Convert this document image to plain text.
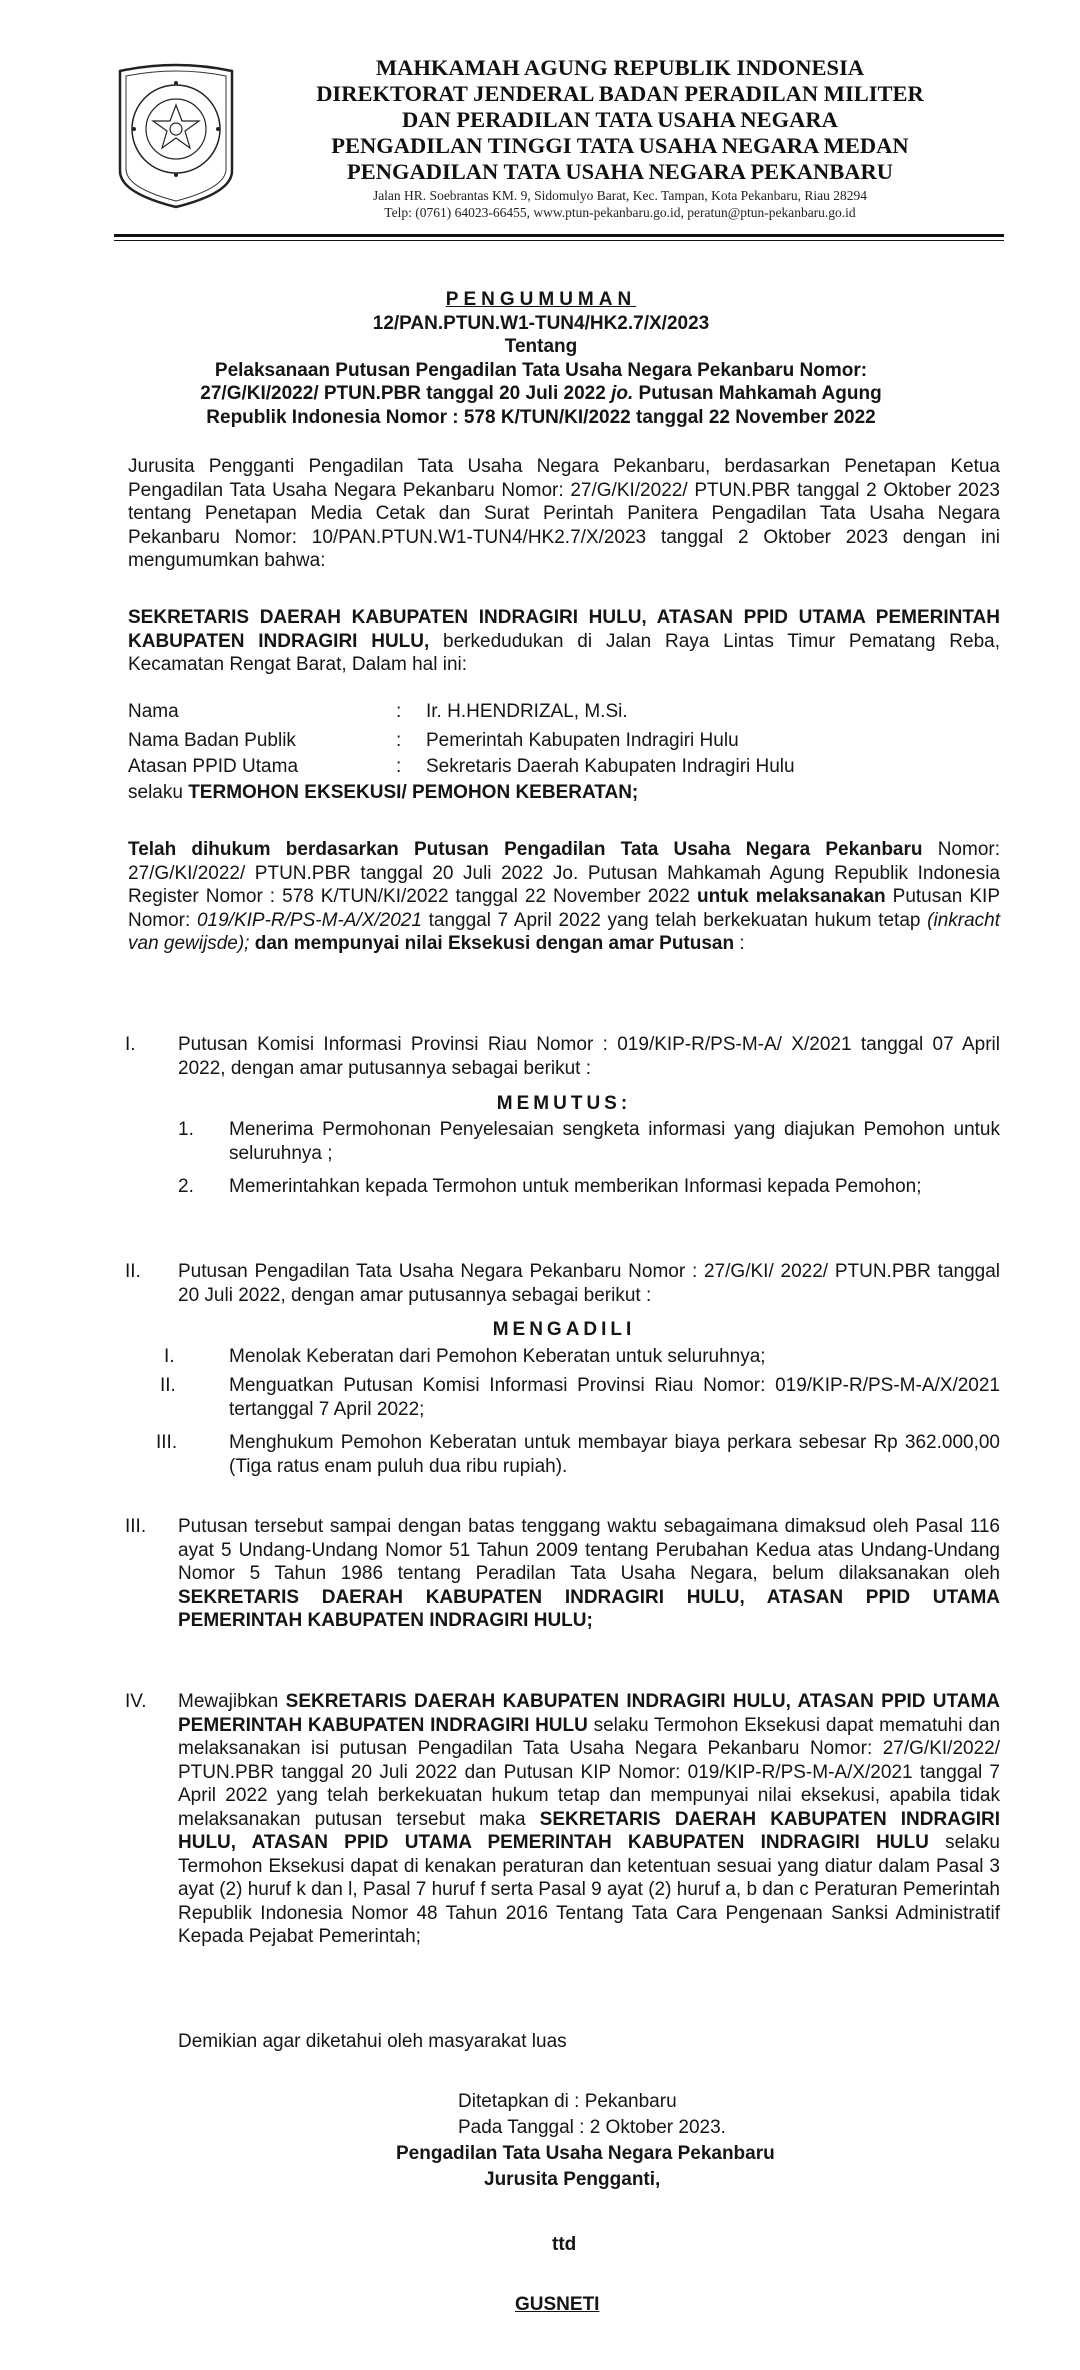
MAHKAMAH AGUNG REPUBLIK INDONESIA
DIREKTORAT JENDERAL BADAN PERADILAN MILITER
DAN PERADILAN TATA USAHA NEGARA
PENGADILAN TINGGI TATA USAHA NEGARA MEDAN
PENGADILAN TATA USAHA NEGARA PEKANBARU
Jalan HR. Soebrantas KM. 9, Sidomulyo Barat, Kec. Tampan, Kota Pekanbaru, Riau 28294
Telp: (0761) 64023-66455, www.ptun-pekanbaru.go.id, peratun@ptun-pekanbaru.go.id
PENGUMUMAN
12/PAN.PTUN.W1-TUN4/HK2.7/X/2023
Tentang
Pelaksanaan Putusan Pengadilan Tata Usaha Negara Pekanbaru Nomor:
27/G/KI/2022/ PTUN.PBR tanggal 20 Juli 2022 jo. Putusan Mahkamah Agung
Republik Indonesia Nomor : 578 K/TUN/KI/2022 tanggal 22 November 2022
Jurusita Pengganti Pengadilan Tata Usaha Negara Pekanbaru, berdasarkan Penetapan Ketua Pengadilan Tata Usaha Negara Pekanbaru Nomor: 27/G/KI/2022/ PTUN.PBR tanggal 2 Oktober 2023 tentang Penetapan Media Cetak dan Surat Perintah Panitera Pengadilan Tata Usaha Negara Pekanbaru Nomor: 10/PAN.PTUN.W1-TUN4/HK2.7/X/2023 tanggal 2 Oktober 2023 dengan ini mengumumkan bahwa:
SEKRETARIS DAERAH KABUPATEN INDRAGIRI HULU, ATASAN PPID UTAMA PEMERINTAH KABUPATEN INDRAGIRI HULU, berkedudukan di Jalan Raya Lintas Timur Pematang Reba, Kecamatan Rengat Barat, Dalam hal ini:
Nama	: Ir. H.HENDRIZAL, M.Si.
Nama Badan Publik	: Pemerintah Kabupaten Indragiri Hulu
Atasan PPID Utama	: Sekretaris Daerah Kabupaten Indragiri Hulu
selaku TERMOHON EKSEKUSI/ PEMOHON KEBERATAN;
Telah dihukum berdasarkan Putusan Pengadilan Tata Usaha Negara Pekanbaru Nomor: 27/G/KI/2022/ PTUN.PBR tanggal 20 Juli 2022 Jo. Putusan Mahkamah Agung Republik Indonesia Register Nomor : 578 K/TUN/KI/2022 tanggal 22 November 2022 untuk melaksanakan Putusan KIP Nomor: 019/KIP-R/PS-M-A/X/2021 tanggal 7 April 2022 yang telah berkekuatan hukum tetap (inkracht van gewijsde); dan mempunyai nilai Eksekusi dengan amar Putusan :
I. Putusan Komisi Informasi Provinsi Riau Nomor : 019/KIP-R/PS-M-A/ X/2021 tanggal 07 April 2022, dengan amar putusannya sebagai berikut :
MEMUTUS:
1. Menerima Permohonan Penyelesaian sengketa informasi yang diajukan Pemohon untuk seluruhnya ;
2. Memerintahkan kepada Termohon untuk memberikan Informasi kepada Pemohon;
II. Putusan Pengadilan Tata Usaha Negara Pekanbaru Nomor : 27/G/KI/ 2022/ PTUN.PBR tanggal 20 Juli 2022, dengan amar putusannya sebagai berikut :
MENGADILI
I.	Menolak Keberatan dari Pemohon Keberatan untuk seluruhnya;
II.	Menguatkan Putusan Komisi Informasi Provinsi Riau Nomor: 019/KIP-R/PS-M-A/X/2021 tertanggal 7 April 2022;
III.	Menghukum Pemohon Keberatan untuk membayar biaya perkara sebesar Rp 362.000,00 (Tiga ratus enam puluh dua ribu rupiah).
III. Putusan tersebut sampai dengan batas tenggang waktu sebagaimana dimaksud oleh Pasal 116 ayat 5 Undang-Undang Nomor 51 Tahun 2009 tentang Perubahan Kedua atas Undang-Undang Nomor 5 Tahun 1986 tentang Peradilan Tata Usaha Negara, belum dilaksanakan oleh SEKRETARIS DAERAH KABUPATEN INDRAGIRI HULU, ATASAN PPID UTAMA PEMERINTAH KABUPATEN INDRAGIRI HULU;
IV. Mewajibkan SEKRETARIS DAERAH KABUPATEN INDRAGIRI HULU, ATASAN PPID UTAMA PEMERINTAH KABUPATEN INDRAGIRI HULU selaku Termohon Eksekusi dapat mematuhi dan melaksanakan isi putusan Pengadilan Tata Usaha Negara Pekanbaru Nomor: 27/G/KI/2022/ PTUN.PBR tanggal 20 Juli 2022 dan Putusan KIP Nomor: 019/KIP-R/PS-M-A/X/2021 tanggal 7 April 2022 yang telah berkekuatan hukum tetap dan mempunyai nilai eksekusi, apabila tidak melaksanakan putusan tersebut maka SEKRETARIS DAERAH KABUPATEN INDRAGIRI HULU, ATASAN PPID UTAMA PEMERINTAH KABUPATEN INDRAGIRI HULU selaku Termohon Eksekusi dapat di kenakan peraturan dan ketentuan sesuai yang diatur dalam Pasal 3 ayat (2) huruf k dan l, Pasal 7 huruf f serta Pasal 9 ayat (2) huruf a, b dan c Peraturan Pemerintah Republik Indonesia Nomor 48 Tahun 2016 Tentang Tata Cara Pengenaan Sanksi Administratif Kepada Pejabat Pemerintah;
Demikian agar diketahui oleh masyarakat luas
Ditetapkan di : Pekanbaru
Pada Tanggal : 2 Oktober 2023.
Pengadilan Tata Usaha Negara Pekanbaru
Jurusita Pengganti,
ttd
GUSNETI
